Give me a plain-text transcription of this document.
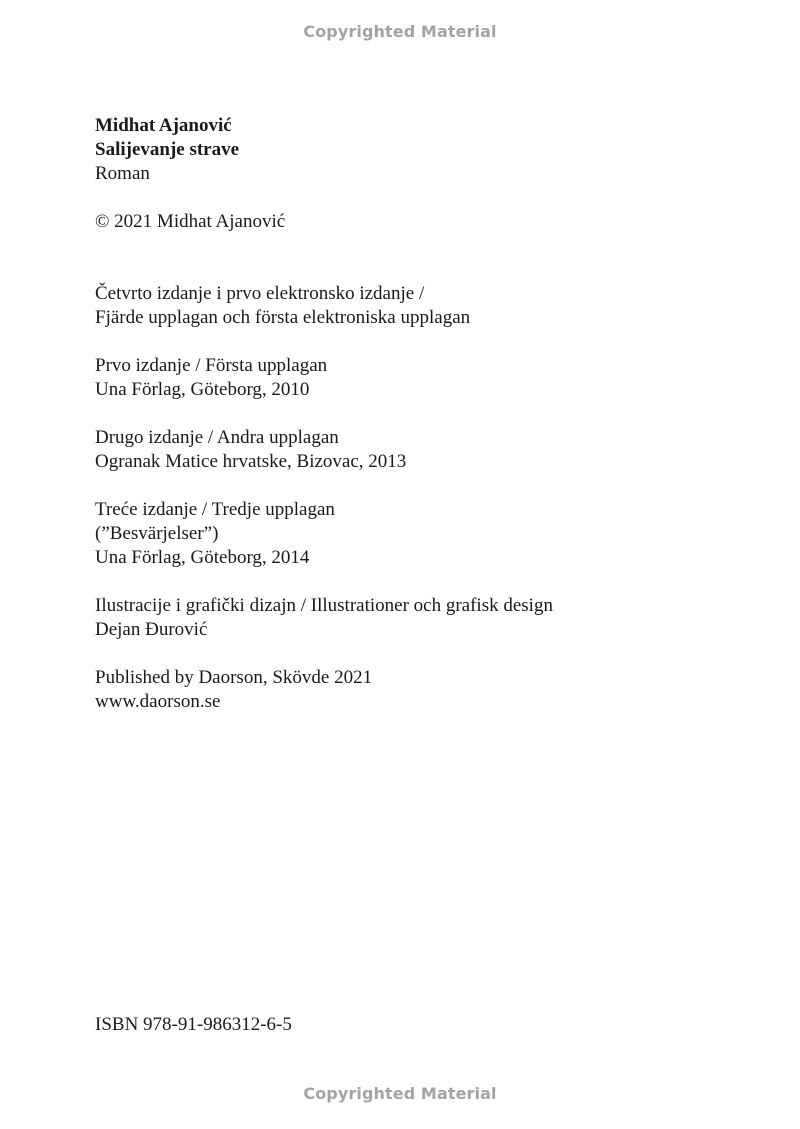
Copyrighted Material
Midhat Ajanović
Salijevanje strave
Roman
© 2021 Midhat Ajanović
Četvrto izdanje i prvo elektronsko izdanje /
Fjärde upplagan och första elektroniska upplagan
Prvo izdanje / Första upplagan
Una Förlag, Göteborg, 2010
Drugo izdanje / Andra upplagan
Ogranak Matice hrvatske, Bizovac, 2013
Treće izdanje / Tredje upplagan
(”Besvärjelser”)
Una Förlag, Göteborg, 2014
Ilustracije i grafički dizajn / Illustrationer och grafisk design
Dejan Đurović
Published by Daorson, Skövde 2021
www.daorson.se
ISBN 978-91-986312-6-5
Copyrighted Material
